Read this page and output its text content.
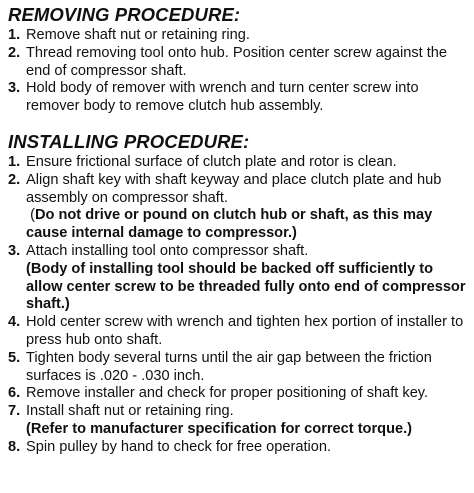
REMOVING PROCEDURE:
1. Remove shaft nut or retaining ring.
2. Thread removing tool onto hub. Position center screw against the end of compressor shaft.
3. Hold body of remover with wrench and turn center screw into remover body to remove clutch hub assembly.
INSTALLING PROCEDURE:
1. Ensure frictional surface of clutch plate and rotor is clean.
2. Align shaft key with shaft keyway and place clutch plate and hub assembly on compressor shaft.
(Do not drive or pound on clutch hub or shaft, as this may cause internal damage to compressor.)
3. Attach installing tool onto compressor shaft.
(Body of installing tool should be backed off sufficiently to allow center screw to be threaded fully onto end of compressor shaft.)
4. Hold center screw with wrench and tighten hex portion of installer to press hub onto shaft.
5. Tighten body several turns until the air gap between the friction surfaces is .020 - .030 inch.
6. Remove installer and check for proper positioning of shaft key.
7. Install shaft nut or retaining ring.
(Refer to manufacturer specification for correct torque.)
8. Spin pulley by hand to check for free operation.
